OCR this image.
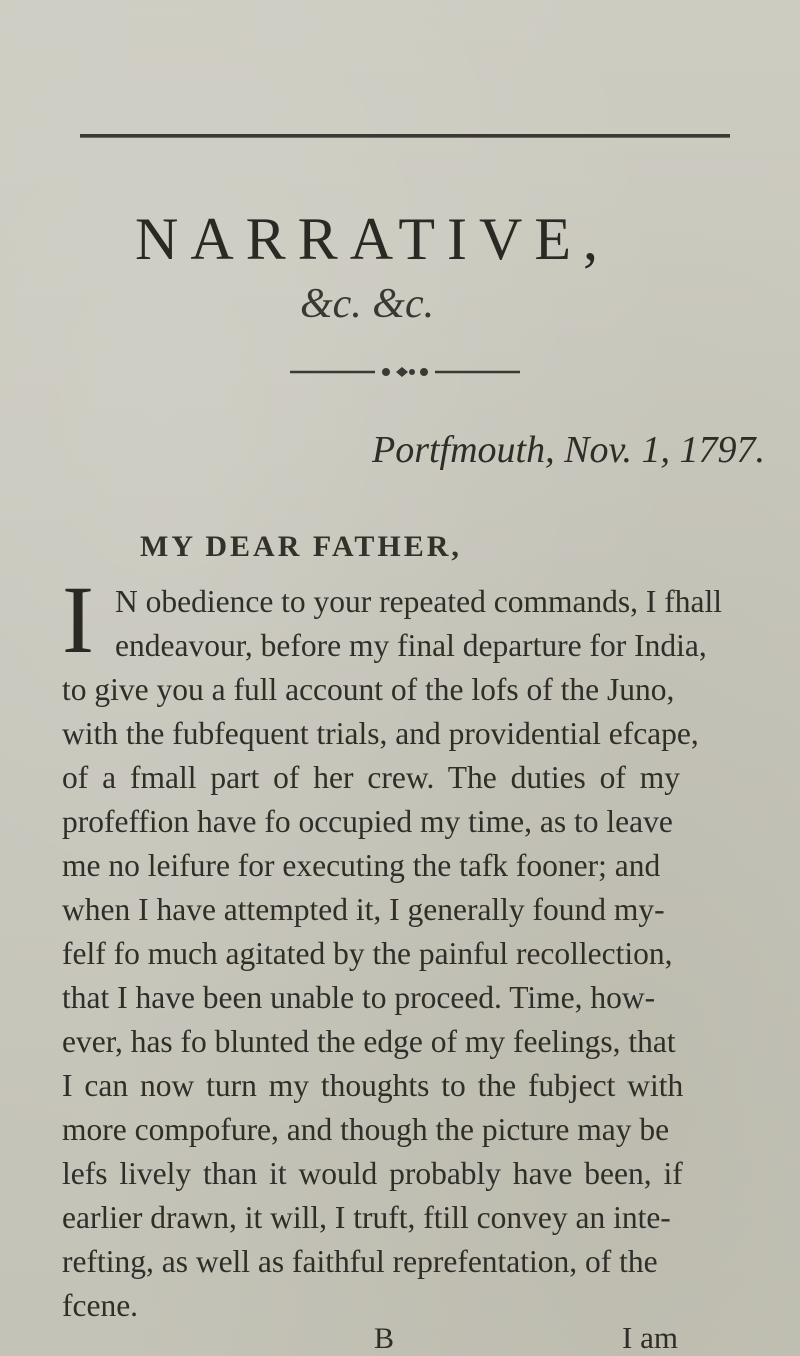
NARRATIVE,
&c. &c.
Portfmouth, Nov. 1, 1797.
MY DEAR FATHER,
I N obedience to your repeated commands, I fhall
endeavour, before my final departure for India,
to give you a full account of the lofs of the Juno,
with the fubfequent trials, and providential efcape,
of a fmall part of her crew. The duties of my
profeffion have fo occupied my time, as to leave
me no leifure for executing the tafk fooner; and
when I have attempted it, I generally found my-
felf fo much agitated by the painful recollection,
that I have been unable to proceed. Time, how-
ever, has fo blunted the edge of my feelings, that
I can now turn my thoughts to the fubject with
more compofure, and though the picture may be
lefs lively than it would probably have been, if
earlier drawn, it will, I truft, ftill convey an inte-
refting, as well as faithful reprefentation, of the
fcene.
B	I am
